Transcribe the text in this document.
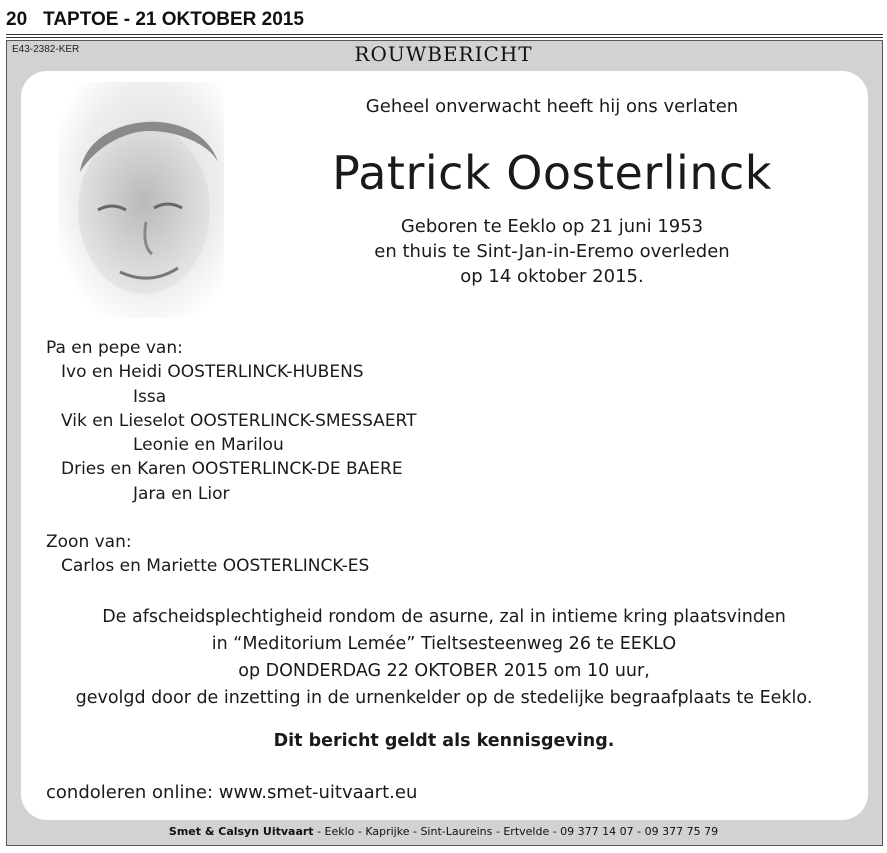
20 TAPTOE - 21 OKTOBER 2015
E43-2382-KER	ROUWBERICHT
Geheel onverwacht heeft hij ons verlaten
Patrick Oosterlinck
Geboren te Eeklo op 21 juni 1953
en thuis te Sint-Jan-in-Eremo overleden
op 14 oktober 2015.
Pa en pepe van:
Ivo en Heidi OOSTERLINCK-HUBENS
Issa
Vik en Lieselot OOSTERLINCK-SMESSAERT
Leonie en Marilou
Dries en Karen OOSTERLINCK-DE BAERE
Jara en Lior
Zoon van:
Carlos en Mariette OOSTERLINCK-ES
De afscheidsplechtigheid rondom de asurne, zal in intieme kring plaatsvinden
in “Meditorium Lemée” Tieltsesteenweg 26 te EEKLO
op DONDERDAG 22 OKTOBER 2015 om 10 uur,
gevolgd door de inzetting in de urnenkelder op de stedelijke begraafplaats te Eeklo.
Dit bericht geldt als kennisgeving.
condoleren online: www.smet-uitvaart.eu
Smet & Calsyn Uitvaart - Eeklo - Kaprijke - Sint-Laureins - Ertvelde - 09 377 14 07 - 09 377 75 79
